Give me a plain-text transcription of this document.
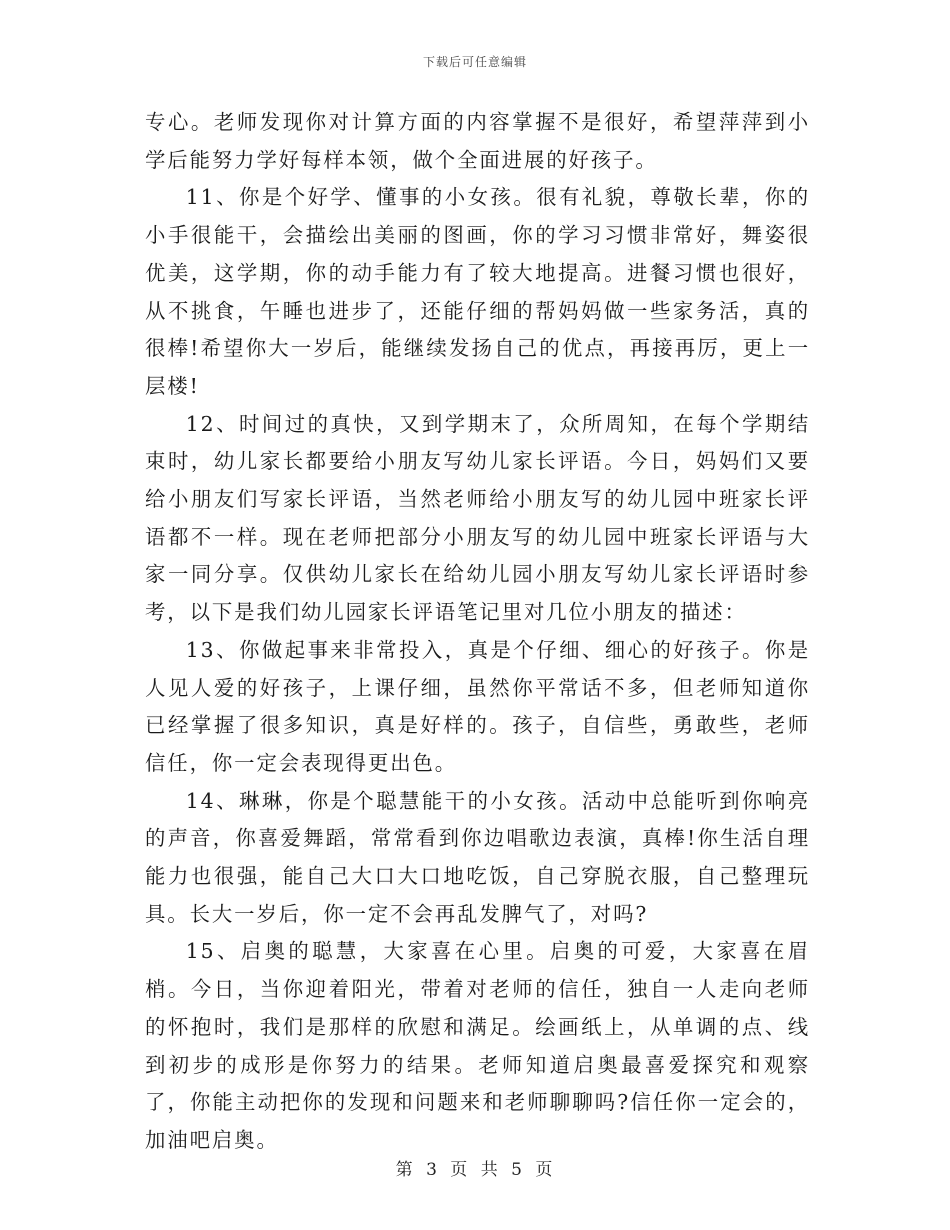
下载后可任意编辑

专心。老师发现你对计算方面的内容掌握不是很好，希望萍萍到小学后能努力学好每样本领，做个全面进展的好孩子。

11、你是个好学、懂事的小女孩。很有礼貌，尊敬长辈，你的小手很能干，会描绘出美丽的图画，你的学习习惯非常好，舞姿很优美，这学期，你的动手能力有了较大地提高。进餐习惯也很好，从不挑食，午睡也进步了，还能仔细的帮妈妈做一些家务活，真的很棒!希望你大一岁后，能继续发扬自己的优点，再接再厉，更上一层楼!

12、时间过的真快，又到学期末了，众所周知，在每个学期结束时，幼儿家长都要给小朋友写幼儿家长评语。今日，妈妈们又要给小朋友们写家长评语，当然老师给小朋友写的幼儿园中班家长评语都不一样。现在老师把部分小朋友写的幼儿园中班家长评语与大家一同分享。仅供幼儿家长在给幼儿园小朋友写幼儿家长评语时参考，以下是我们幼儿园家长评语笔记里对几位小朋友的描述：

13、你做起事来非常投入，真是个仔细、细心的好孩子。你是人见人爱的好孩子，上课仔细，虽然你平常话不多，但老师知道你已经掌握了很多知识，真是好样的。孩子，自信些，勇敢些，老师信任，你一定会表现得更出色。

14、琳琳，你是个聪慧能干的小女孩。活动中总能听到你响亮的声音，你喜爱舞蹈，常常看到你边唱歌边表演，真棒!你生活自理能力也很强，能自己大口大口地吃饭，自己穿脱衣服，自己整理玩具。长大一岁后，你一定不会再乱发脾气了，对吗?

15、启奥的聪慧，大家喜在心里。启奥的可爱，大家喜在眉梢。今日，当你迎着阳光，带着对老师的信任，独自一人走向老师的怀抱时，我们是那样的欣慰和满足。绘画纸上，从单调的点、线到初步的成形是你努力的结果。老师知道启奥最喜爱探究和观察了，你能主动把你的发现和问题来和老师聊聊吗?信任你一定会的，加油吧启奥。

第 3 页 共 5 页
